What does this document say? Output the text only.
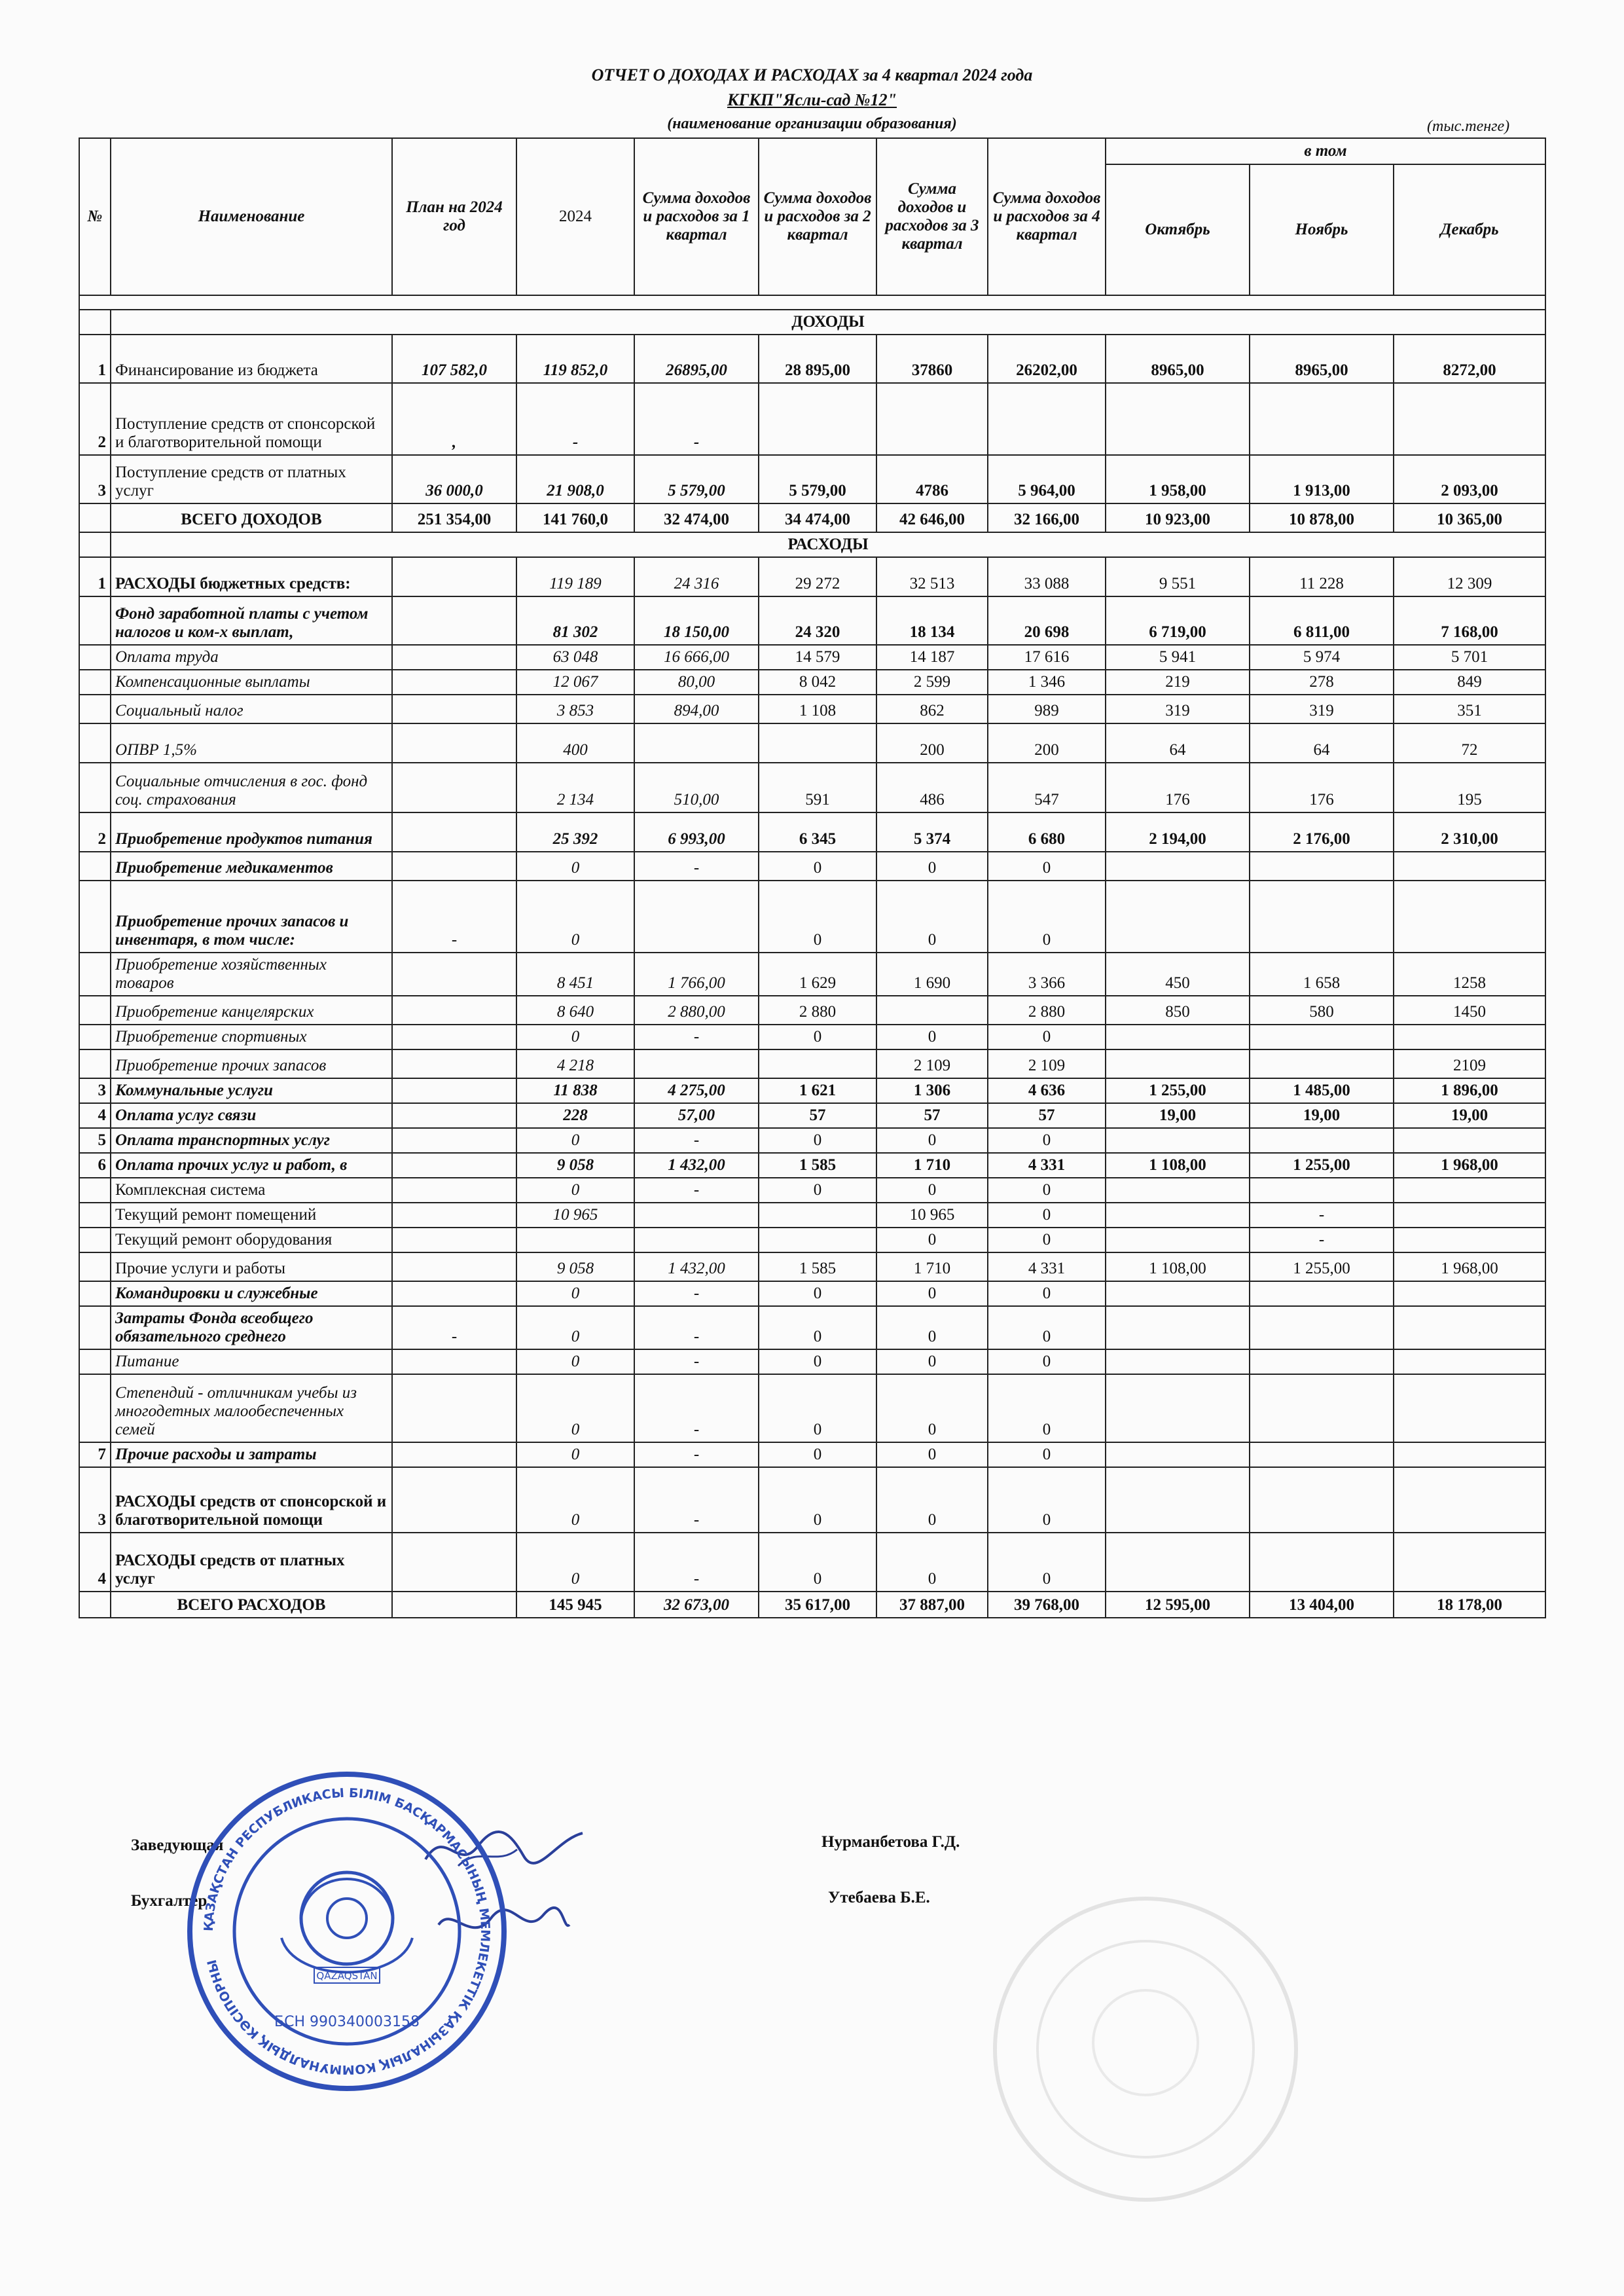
ОТЧЕТ О ДОХОДАХ И РАСХОДАХ за 4 квартал 2024 года
КГКП"Ясли-сад №12"
(наименование организации образования)	(тыс.тенге)
№	Наименование	План на 2024 год	2024	Сумма доходов и расходов за 1 квартал	Сумма доходов и расходов за 2 квартал	Сумма доходов и расходов за 3 квартал	Сумма доходов и расходов за 4 квартал	в том		
								Октябрь	Ноябрь	Декабрь

	ДОХОДЫ									
1	Финансирование из бюджета	107 582,0	119 852,0	26895,00	28 895,00	37860	26202,00	8965,00	8965,00	8272,00
2	Поступление средств от спонсорской и благотворительной помощи	,	-	-						
3	Поступление средств от платных услуг	36 000,0	21 908,0	5 579,00	5 579,00	4786	5 964,00	1 958,00	1 913,00	2 093,00
	ВСЕГО ДОХОДОВ	251 354,00	141 760,0	32 474,00	34 474,00	42 646,00	32 166,00	10 923,00	10 878,00	10 365,00
	РАСХОДЫ									
1	РАСХОДЫ бюджетных средств:		119 189	24 316	29 272	32 513	33 088	9 551	11 228	12 309
	Фонд заработной платы с учетом налогов и ком-х выплат,		81 302	18 150,00	24 320	18 134	20 698	6 719,00	6 811,00	7 168,00
	Оплата труда		63 048	16 666,00	14 579	14 187	17 616	5 941	5 974	5 701
	Компенсационные выплаты		12 067	80,00	8 042	2 599	1 346	219	278	849
	Социальный налог		3 853	894,00	1 108	862	989	319	319	351
	ОПВР 1,5%		400			200	200	64	64	72
	Социальные отчисления в гос. фонд соц. страхования		2 134	510,00	591	486	547	176	176	195
2	Приобретение продуктов питания		25 392	6 993,00	6 345	5 374	6 680	2 194,00	2 176,00	2 310,00
	Приобретение медикаментов		0	-	0	0	0			
	Приобретение прочих запасов и инвентаря, в том числе:	-	0		0	0	0			
	Приобретение хозяйственных товаров		8 451	1 766,00	1 629	1 690	3 366	450	1 658	1258
	Приобретение канцелярских		8 640	2 880,00	2 880		2 880	850	580	1450
	Приобретение спортивных		0	-	0	0	0			
	Приобретение прочих запасов		4 218			2 109	2 109			2109
3	Коммунальные услуги		11 838	4 275,00	1 621	1 306	4 636	1 255,00	1 485,00	1 896,00
4	Оплата услуг связи		228	57,00	57	57	57	19,00	19,00	19,00
5	Оплата транспортных услуг		0	-	0	0	0			
6	Оплата прочих услуг и работ, в		9 058	1 432,00	1 585	1 710	4 331	1 108,00	1 255,00	1 968,00
	Комплексная система		0	-	0	0	0			
	Текущий ремонт помещений		10 965			10 965	0		-	
	Текущий ремонт оборудования					0	0		-	
	Прочие услуги и работы		9 058	1 432,00	1 585	1 710	4 331	1 108,00	1 255,00	1 968,00
	Командировки и служебные		0	-	0	0	0			
	Затраты Фонда всеобщего обязательного среднего	-	0	-	0	0	0			
	Питание		0	-	0	0	0			
	Степендий - отличникам учебы из многодетных малообеспеченных семей		0	-	0	0	0			
7	Прочие расходы и затраты		0	-	0	0	0			
3	РАСХОДЫ средств от спонсорской и благотворительной помощи		0	-	0	0	0			
4	РАСХОДЫ средств от платных услуг		0	-	0	0	0			
	ВСЕГО РАСХОДОВ		145 945	32 673,00	35 617,00	37 887,00	39 768,00	12 595,00	13 404,00	18 178,00
Заведующая	Нурманбетова Г.Д.
Бухгалтер	Утебаева Б.Е.
ҚАЗАҚСТАН РЕСПУБЛИКАСЫ БІЛІМ БАСҚАРМАСЫНЫҢ МЕМЛЕКЕТТІК ҚАЗЫНАЛЫҚ КОММУНАЛДЫҚ КӘСІПОРНЫ
QAZAQSTAN
БСН 990340003158
